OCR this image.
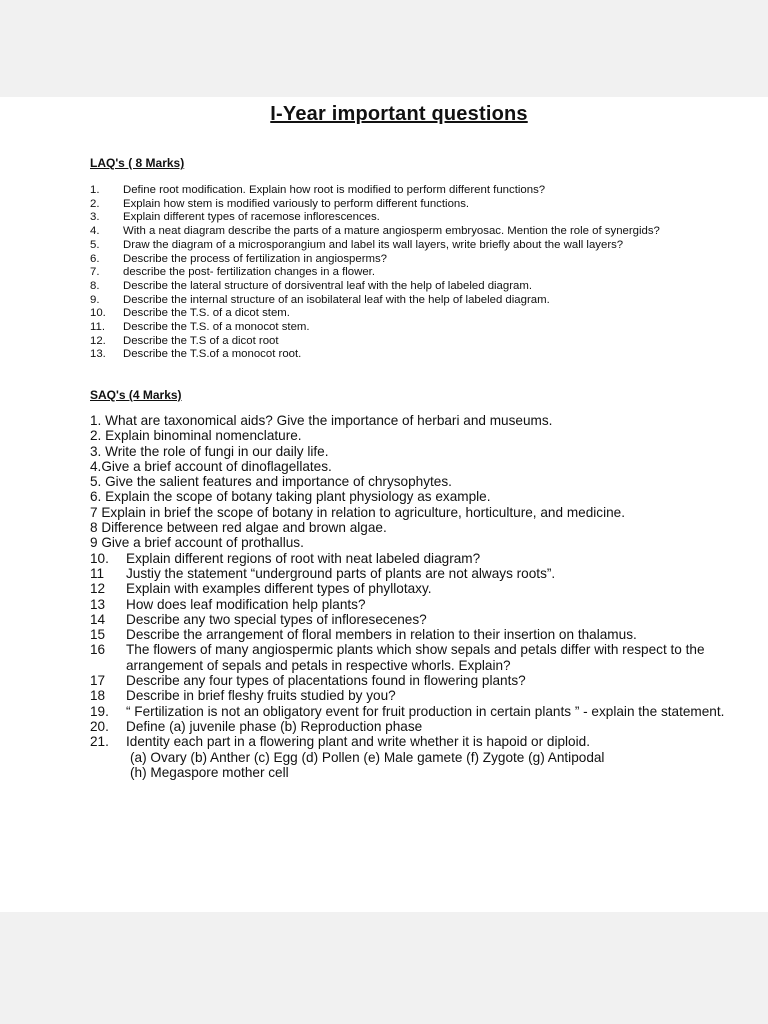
I-Year important questions
LAQ's ( 8 Marks)
1.	Define root modification. Explain how root is modified to perform different functions?
2.	Explain how stem is modified variously to perform different functions.
3.	Explain different types of racemose inflorescences.
4.	With a neat diagram describe the parts of a mature angiosperm embryosac. Mention the role of synergids?
5.	Draw the diagram of a microsporangium and label its wall layers, write briefly about the wall layers?
6.	Describe the process of fertilization in angiosperms?
7.	describe the post- fertilization changes in a flower.
8.	Describe the lateral structure of dorsiventral leaf with the help of labeled diagram.
9.	Describe the internal structure of an isobilateral leaf with the help of labeled diagram.
10.	Describe the T.S. of a dicot stem.
11.	Describe the T.S. of a monocot stem.
12.	Describe the T.S of a dicot root
13.	Describe the T.S.of a monocot root.
SAQ's (4 Marks)
1. What are taxonomical aids? Give the importance of herbari and museums.
2. Explain binominal nomenclature.
3. Write the role of fungi in our daily life.
4.Give a brief account of dinoflagellates.
5. Give the salient features and importance of chrysophytes.
6. Explain the scope of botany taking plant physiology as example.
7 Explain in brief the scope of botany in relation to agriculture, horticulture, and medicine.
8 Difference between red algae and brown algae.
9 Give a brief account of prothallus.
10.	Explain different regions of root with neat labeled diagram?
11	Justiy the statement “underground parts of plants are not always roots”.
12	Explain with examples different types of phyllotaxy.
13	How does leaf modification help plants?
14	Describe any two special types of infloresecenes?
15	Describe the arrangement of floral members in relation to their insertion on thalamus.
16	The flowers of many angiospermic plants which show sepals and petals differ with respect to the arrangement of sepals and petals in respective whorls. Explain?
17	Describe any four types of placentations found in flowering plants?
18	Describe in brief fleshy fruits studied by you?
19.	“ Fertilization is not an obligatory event for fruit production in certain plants ” - explain the statement.
20.	Define (a) juvenile phase (b) Reproduction phase
21.	Identity each part in a flowering plant and write whether it is hapoid or diploid.
(a) Ovary (b) Anther (c) Egg (d) Pollen (e) Male gamete (f) Zygote (g) Antipodal
(h) Megaspore mother cell
